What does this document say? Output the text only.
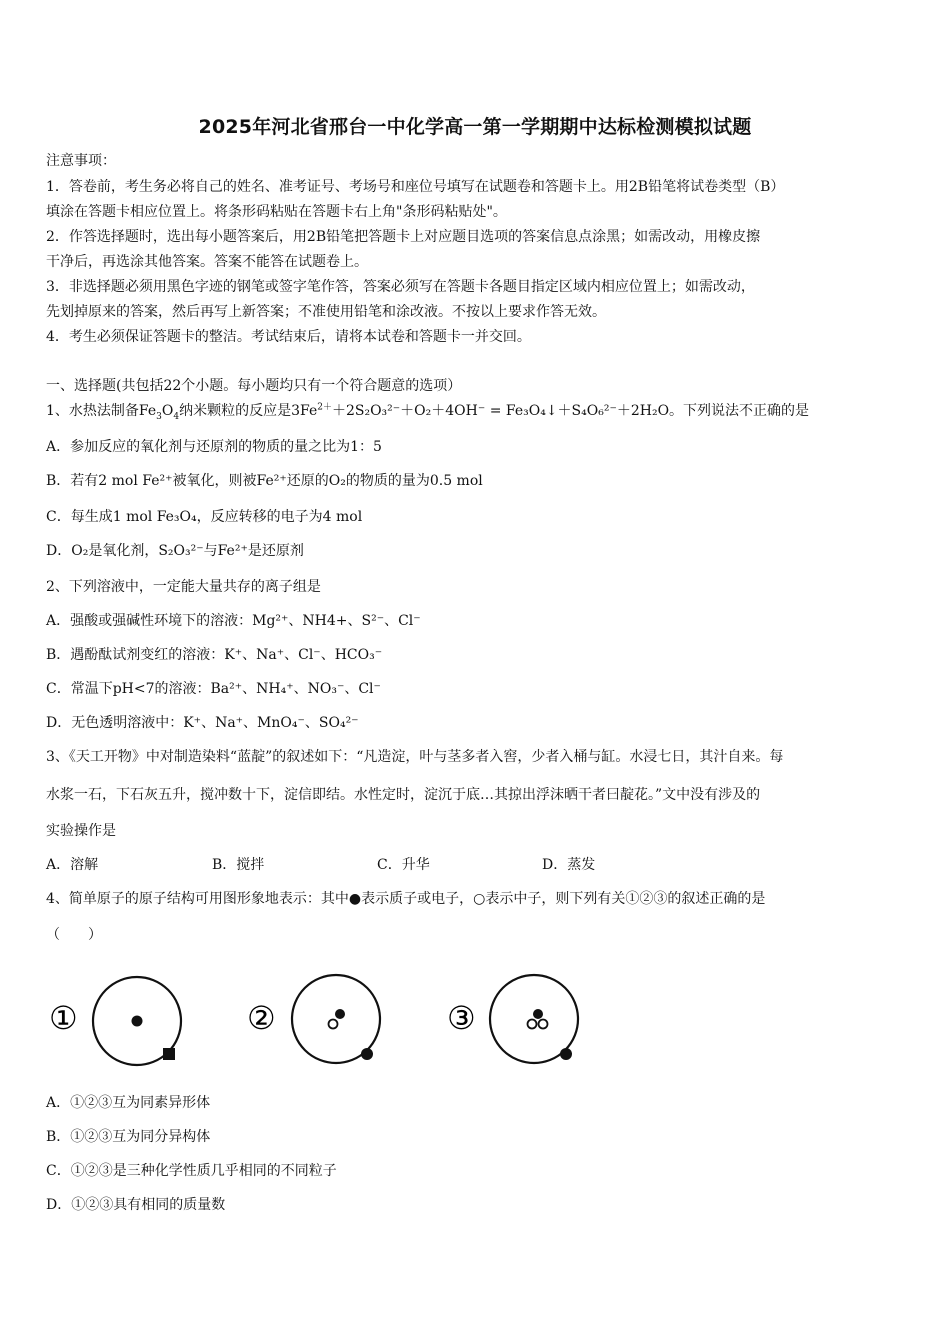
2025年河北省邢台一中化学高一第一学期期中达标检测模拟试题
注意事项：
1．答卷前，考生务必将自己的姓名、准考证号、考场号和座位号填写在试题卷和答题卡上。用2B铅笔将试卷类型（B）
填涂在答题卡相应位置上。将条形码粘贴在答题卡右上角"条形码粘贴处"。
2．作答选择题时，选出每小题答案后，用2B铅笔把答题卡上对应题目选项的答案信息点涂黑；如需改动，用橡皮擦
干净后，再选涂其他答案。答案不能答在试题卷上。
3．非选择题必须用黑色字迹的钢笔或签字笔作答，答案必须写在答题卡各题目指定区域内相应位置上；如需改动，
先划掉原来的答案，然后再写上新答案；不准使用铅笔和涂改液。不按以上要求作答无效。
4．考生必须保证答题卡的整洁。考试结束后，请将本试卷和答题卡一并交回。
一、选择题(共包括22个小题。每小题均只有一个符合题意的选项）
1、水热法制备$Fe_3O_4$纳米颗粒的反应是$3Fe^{2+}+2S_2O_3^{2-}+O_2+4OH^-$ = Fe₃O₄↓＋S₄O₆²⁻＋2H₂O。下列说法不正确的是
A．参加反应的氧化剂与还原剂的物质的量之比为1：5
B．若有2 mol Fe²⁺被氧化，则被Fe²⁺还原的O₂的物质的量为0.5 mol
C．每生成1 mol Fe₃O₄，反应转移的电子为4 mol
D．O₂是氧化剂，S₂O₃²⁻与Fe²⁺是还原剂
2、下列溶液中，一定能大量共存的离子组是
A．强酸或强碱性环境下的溶液：Mg²⁺、NH4+、S²⁻、Cl⁻
B．遇酚酞试剂变红的溶液：K⁺、Na⁺、Cl⁻、HCO₃⁻
C．常温下pH<7的溶液：Ba²⁺、NH₄⁺、NO₃⁻、Cl⁻
D．无色透明溶液中：K⁺、Na⁺、MnO₄⁻、SO₄²⁻
3、《天工开物》中对制造染料“蓝靛”的叙述如下：“凡造淀，叶与茎多者入窖，少者入桶与缸。水浸七日，其汁自来。每
水浆一石，下石灰五升，搅冲数十下，淀信即结。水性定时，淀沉于底…其掠出浮沫晒干者曰靛花。”文中没有涉及的
实验操作是
A．溶解	B．搅拌	C．升华	D．蒸发
4、简单原子的原子结构可用图形象地表示：其中●表示质子或电子，○表示中子，则下列有关①②③的叙述正确的是
（　　）
①	②	③
A．①②③互为同素异形体
B．①②③互为同分异构体
C．①②③是三种化学性质几乎相同的不同粒子
D．①②③具有相同的质量数
